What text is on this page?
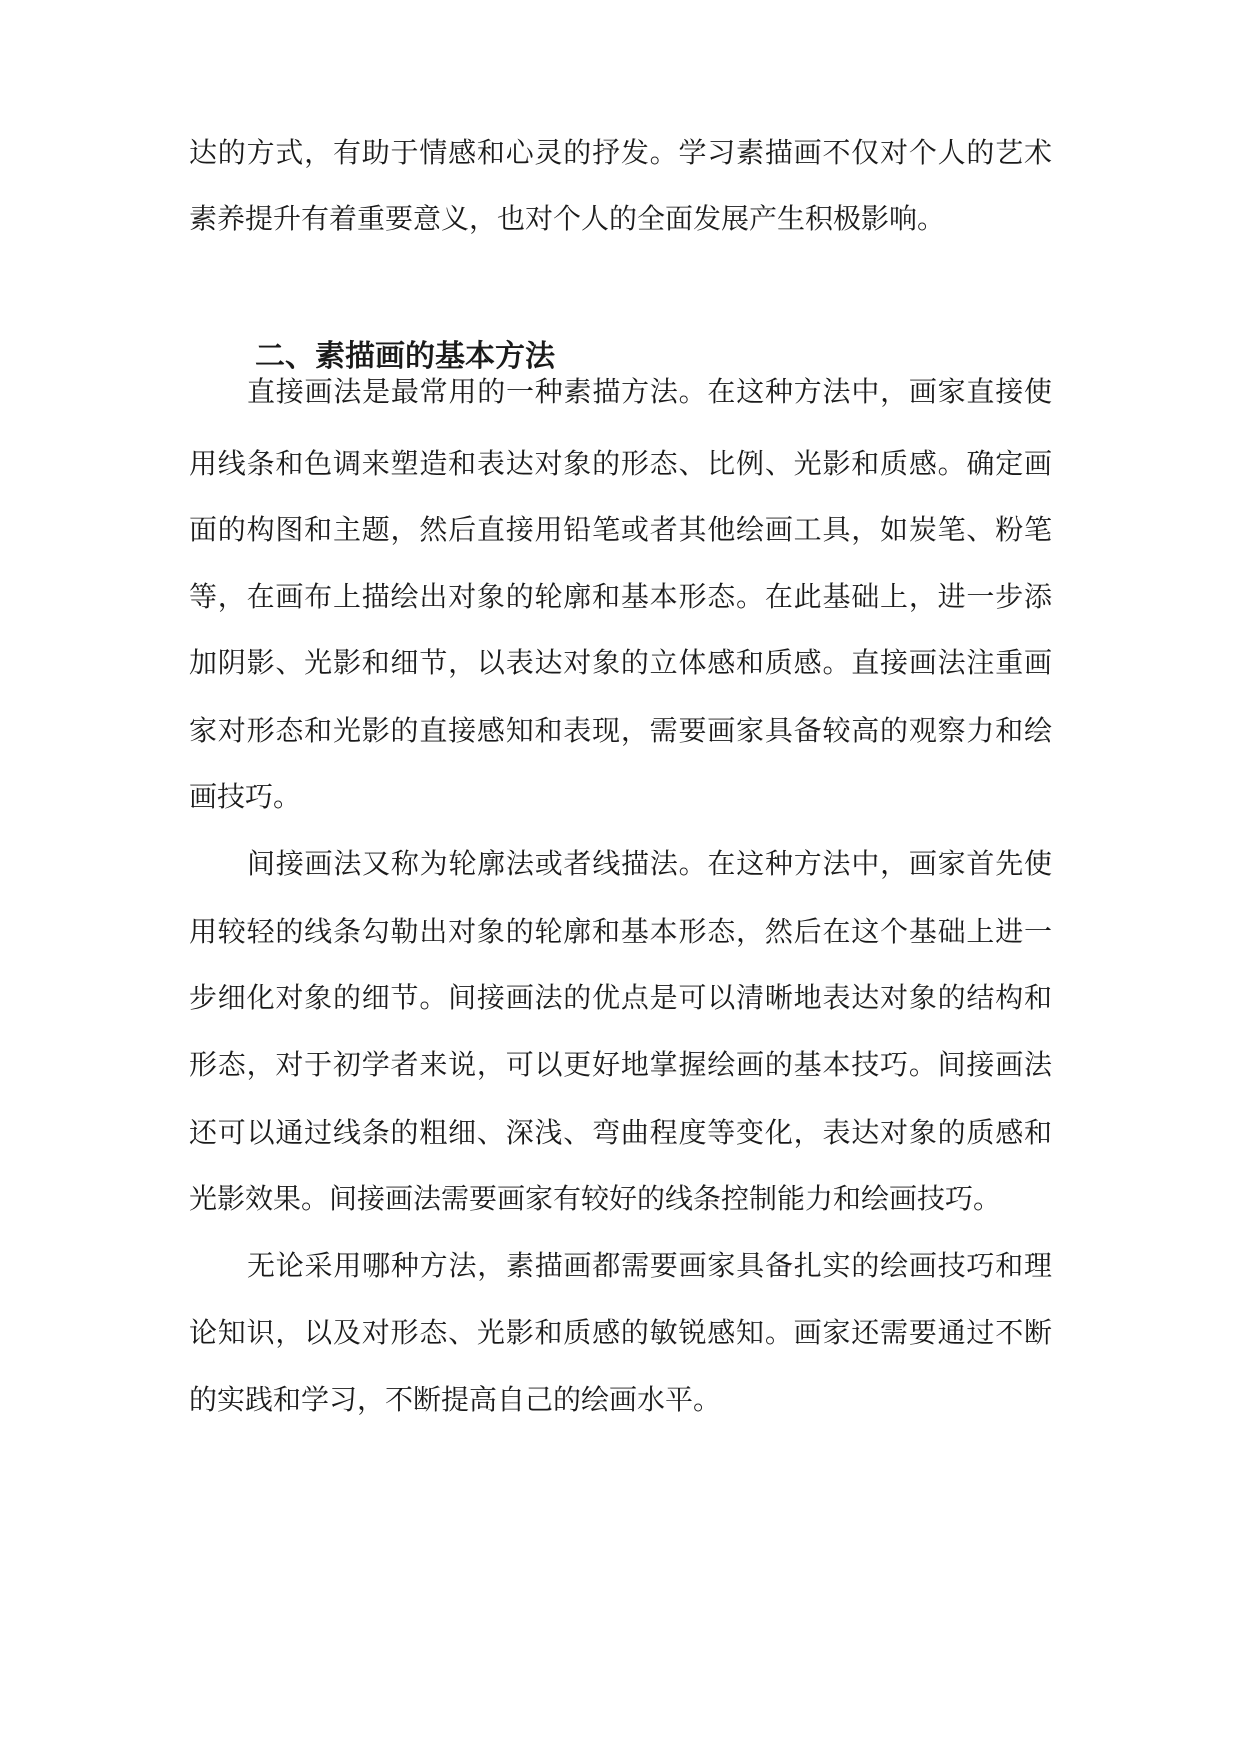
达的方式，有助于情感和心灵的抒发。学习素描画不仅对个人的艺术
素养提升有着重要意义，也对个人的全面发展产生积极影响。
二、素描画的基本方法
直接画法是最常用的一种素描方法。在这种方法中，画家直接使
用线条和色调来塑造和表达对象的形态、比例、光影和质感。确定画
面的构图和主题，然后直接用铅笔或者其他绘画工具，如炭笔、粉笔
等，在画布上描绘出对象的轮廓和基本形态。在此基础上，进一步添
加阴影、光影和细节，以表达对象的立体感和质感。直接画法注重画
家对形态和光影的直接感知和表现，需要画家具备较高的观察力和绘
画技巧。
间接画法又称为轮廓法或者线描法。在这种方法中，画家首先使
用较轻的线条勾勒出对象的轮廓和基本形态，然后在这个基础上进一
步细化对象的细节。间接画法的优点是可以清晰地表达对象的结构和
形态，对于初学者来说，可以更好地掌握绘画的基本技巧。间接画法
还可以通过线条的粗细、深浅、弯曲程度等变化，表达对象的质感和
光影效果。间接画法需要画家有较好的线条控制能力和绘画技巧。
无论采用哪种方法，素描画都需要画家具备扎实的绘画技巧和理
论知识，以及对形态、光影和质感的敏锐感知。画家还需要通过不断
的实践和学习，不断提高自己的绘画水平。
